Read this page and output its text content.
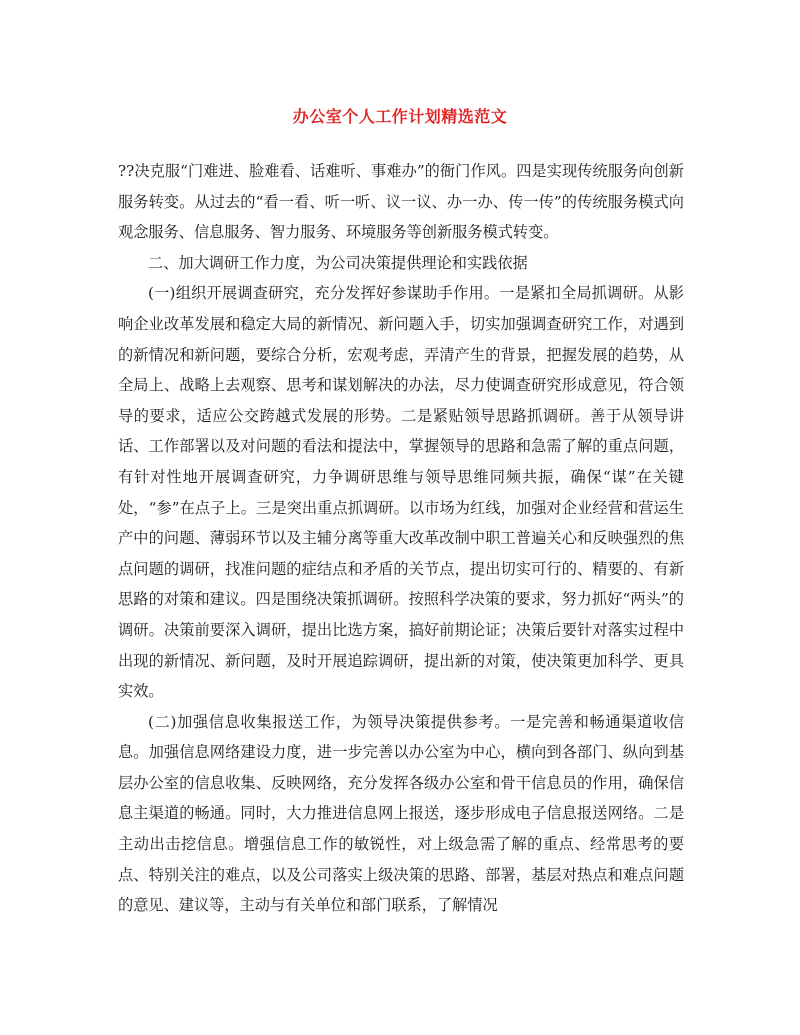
办公室个人工作计划精选范文

??决克服“门难进、脸难看、话难听、事难办”的衙门作风。四是实现传统服务向创新服务转变。从过去的“看一看、听一听、议一议、办一办、传一传”的传统服务模式向观念服务、信息服务、智力服务、环境服务等创新服务模式转变。

二、加大调研工作力度，为公司决策提供理论和实践依据

(一)组织开展调查研究，充分发挥好参谋助手作用。一是紧扣全局抓调研。从影响企业改革发展和稳定大局的新情况、新问题入手，切实加强调查研究工作，对遇到的新情况和新问题，要综合分析，宏观考虑，弄清产生的背景，把握发展的趋势，从全局上、战略上去观察、思考和谋划解决的办法，尽力使调查研究形成意见，符合领导的要求，适应公交跨越式发展的形势。二是紧贴领导思路抓调研。善于从领导讲话、工作部署以及对问题的看法和提法中，掌握领导的思路和急需了解的重点问题，有针对性地开展调查研究，力争调研思维与领导思维同频共振，确保“谋”在关键处，“参”在点子上。三是突出重点抓调研。以市场为红线，加强对企业经营和营运生产中的问题、薄弱环节以及主辅分离等重大改革改制中职工普遍关心和反映强烈的焦点问题的调研，找准问题的症结点和矛盾的关节点，提出切实可行的、精要的、有新思路的对策和建议。四是围绕决策抓调研。按照科学决策的要求，努力抓好“两头”的调研。决策前要深入调研，提出比选方案，搞好前期论证；决策后要针对落实过程中出现的新情况、新问题，及时开展追踪调研，提出新的对策，使决策更加科学、更具实效。

(二)加强信息收集报送工作，为领导决策提供参考。一是完善和畅通渠道收信息。加强信息网络建设力度，进一步完善以办公室为中心，横向到各部门、纵向到基层办公室的信息收集、反映网络，充分发挥各级办公室和骨干信息员的作用，确保信息主渠道的畅通。同时，大力推进信息网上报送，逐步形成电子信息报送网络。二是主动出击挖信息。增强信息工作的敏锐性，对上级急需了解的重点、经常思考的要点、特别关注的难点，以及公司落实上级决策的思路、部署，基层对热点和难点问题的意见、建议等，主动与有关单位和部门联系，了解情况
